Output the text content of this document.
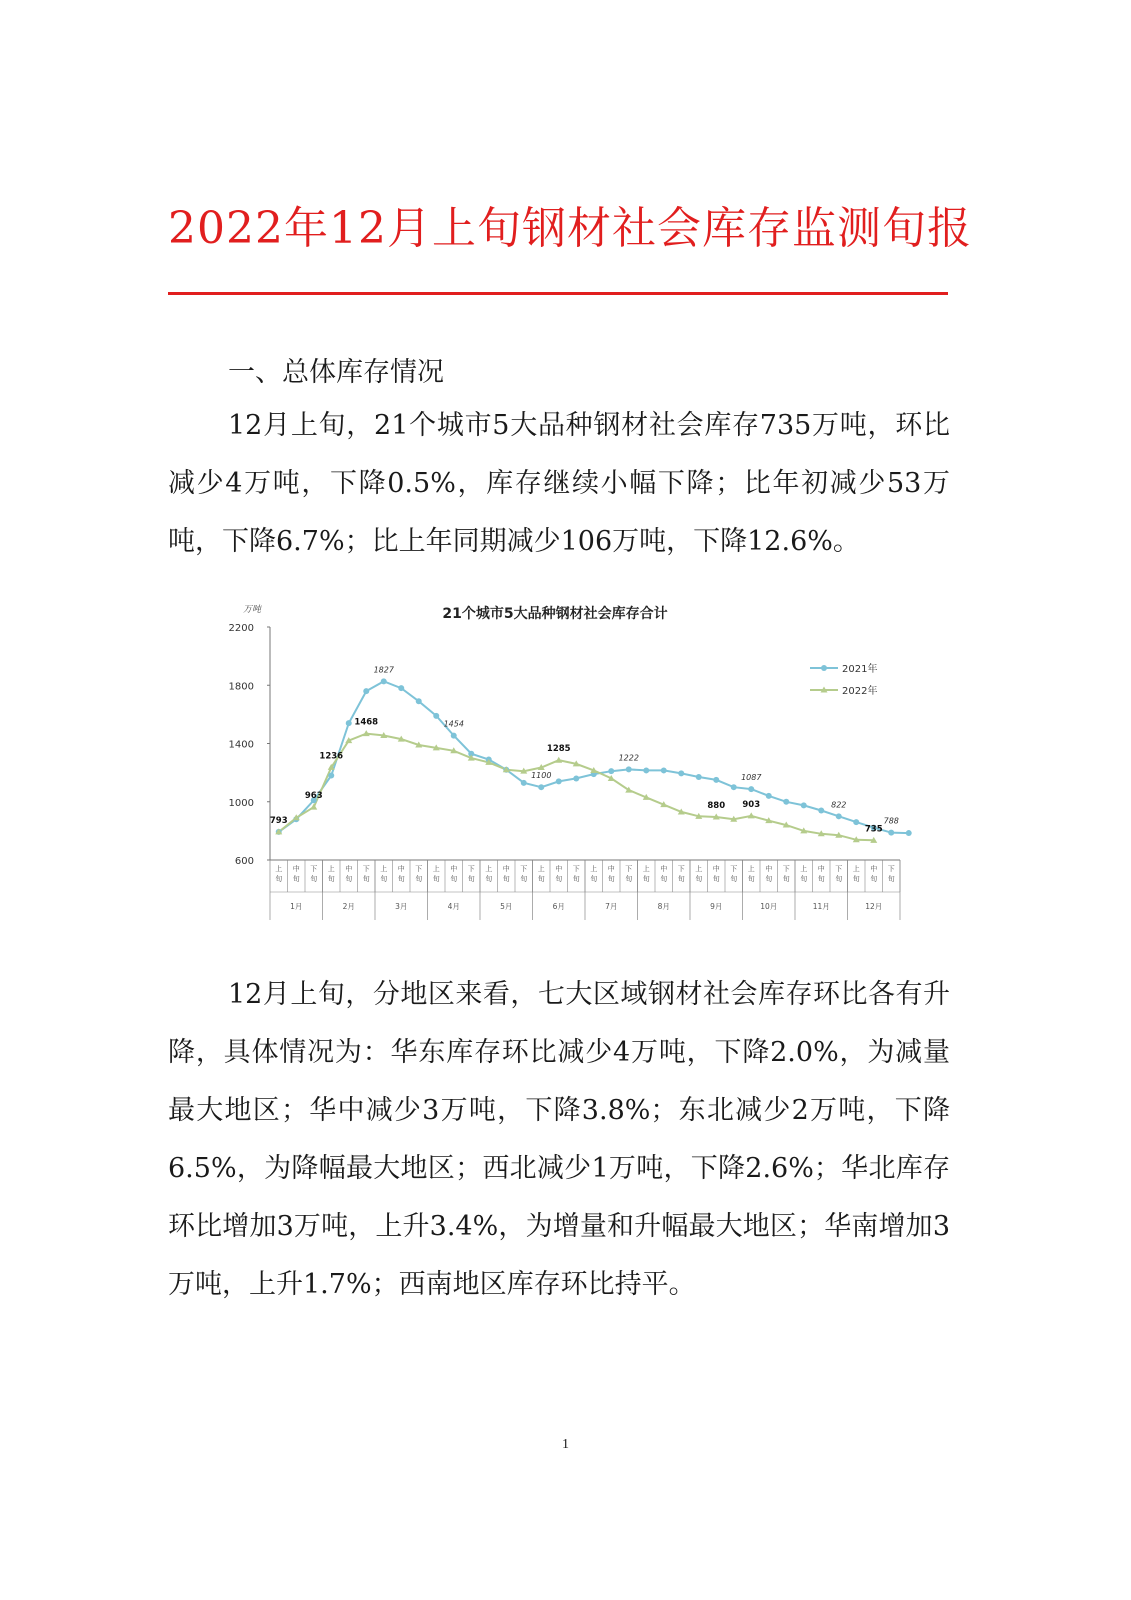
2022年12月上旬钢材社会库存监测旬报
一、总体库存情况
12月上旬，21个城市5大品种钢材社会库存735万吨，环比减少4万吨，下降0.5%，库存继续小幅下降；比年初减少53万吨，下降6.7%；比上年同期减少106万吨，下降12.6%。
21个城市5大品种钢材社会库存合计
万吨
600
1000
1400
1800
2200
上
旬
中
旬
下
旬
上
旬
中
旬
下
旬
上
旬
中
旬
下
旬
上
旬
中
旬
下
旬
上
旬
中
旬
下
旬
上
旬
中
旬
下
旬
上
旬
中
旬
下
旬
上
旬
中
旬
下
旬
上
旬
中
旬
下
旬
上
旬
中
旬
下
旬
上
旬
中
旬
下
旬
上
旬
中
旬
下
旬
1月	2月	3月	4月	5月	6月	7月	8月	9月	10月	11月	12月
1827
1454
1100
1222
1087
822
788
793
963
1236
1468
1285
880 903
735
2021年
2022年
12月上旬，分地区来看，七大区域钢材社会库存环比各有升降，具体情况为：华东库存环比减少4万吨，下降2.0%，为减量最大地区；华中减少3万吨，下降3.8%；东北减少2万吨，下降6.5%，为降幅最大地区；西北减少1万吨，下降2.6%；华北库存环比增加3万吨，上升3.4%，为增量和升幅最大地区；华南增加3万吨，上升1.7%；西南地区库存环比持平。
1
